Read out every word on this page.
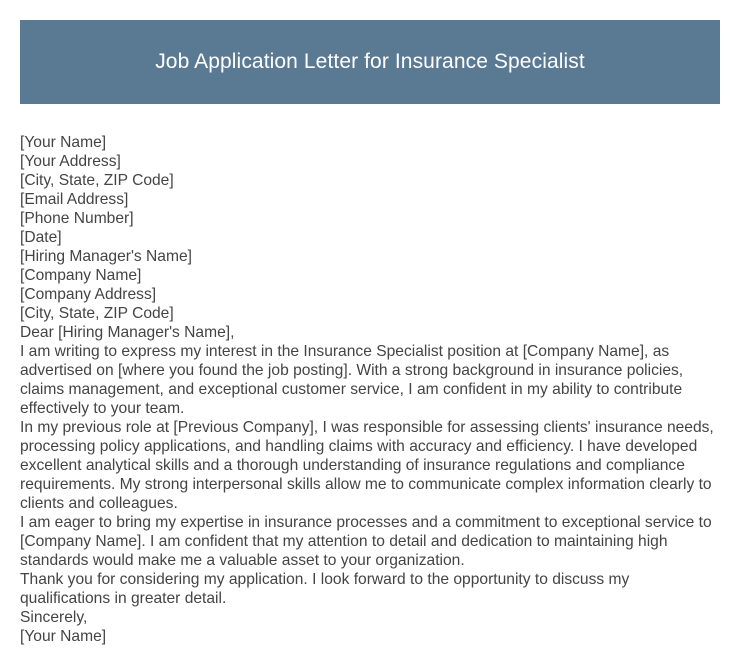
Job Application Letter for Insurance Specialist
[Your Name]
[Your Address]
[City, State, ZIP Code]
[Email Address]
[Phone Number]
[Date]
[Hiring Manager's Name]
[Company Name]
[Company Address]
[City, State, ZIP Code]
Dear [Hiring Manager's Name],
I am writing to express my interest in the Insurance Specialist position at [Company Name], as advertised on [where you found the job posting]. With a strong background in insurance policies, claims management, and exceptional customer service, I am confident in my ability to contribute effectively to your team.
In my previous role at [Previous Company], I was responsible for assessing clients' insurance needs, processing policy applications, and handling claims with accuracy and efficiency. I have developed excellent analytical skills and a thorough understanding of insurance regulations and compliance requirements. My strong interpersonal skills allow me to communicate complex information clearly to clients and colleagues.
I am eager to bring my expertise in insurance processes and a commitment to exceptional service to [Company Name]. I am confident that my attention to detail and dedication to maintaining high standards would make me a valuable asset to your organization.
Thank you for considering my application. I look forward to the opportunity to discuss my qualifications in greater detail.
Sincerely,
[Your Name]
